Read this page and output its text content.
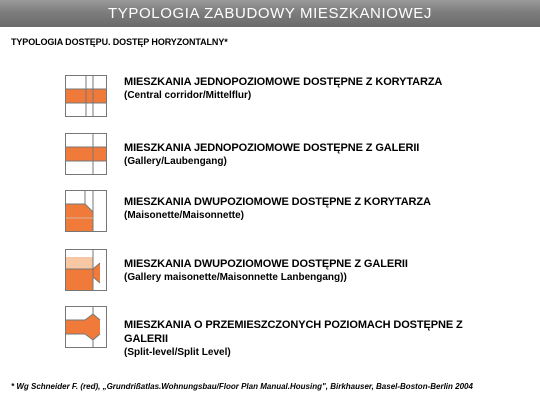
TYPOLOGIA ZABUDOWY MIESZKANIOWEJ
TYPOLOGIA DOSTĘPU. DOSTĘP HORYZONTALNY*
MIESZKANIA JEDNOPOZIOMOWE DOSTĘPNE Z KORYTARZA
(Central corridor/Mittelflur)
MIESZKANIA JEDNOPOZIOMOWE DOSTĘPNE Z GALERII
(Gallery/Laubengang)
MIESZKANIA DWUPOZIOMOWE DOSTĘPNE Z KORYTARZA
(Maisonette/Maisonnette)
MIESZKANIA DWUPOZIOMOWE DOSTĘPNE Z GALERII
(Gallery maisonette/Maisonnette Lanbengang))
MIESZKANIA O PRZEMIESZCZONYCH POZIOMACH DOSTĘPNE Z GALERII
(Split-level/Split Level)
* Wg Schneider F. (red), „Grundrißatlas.Wohnungsbau/Floor Plan Manual.Housing", Birkhauser, Basel-Boston-Berlin 2004
